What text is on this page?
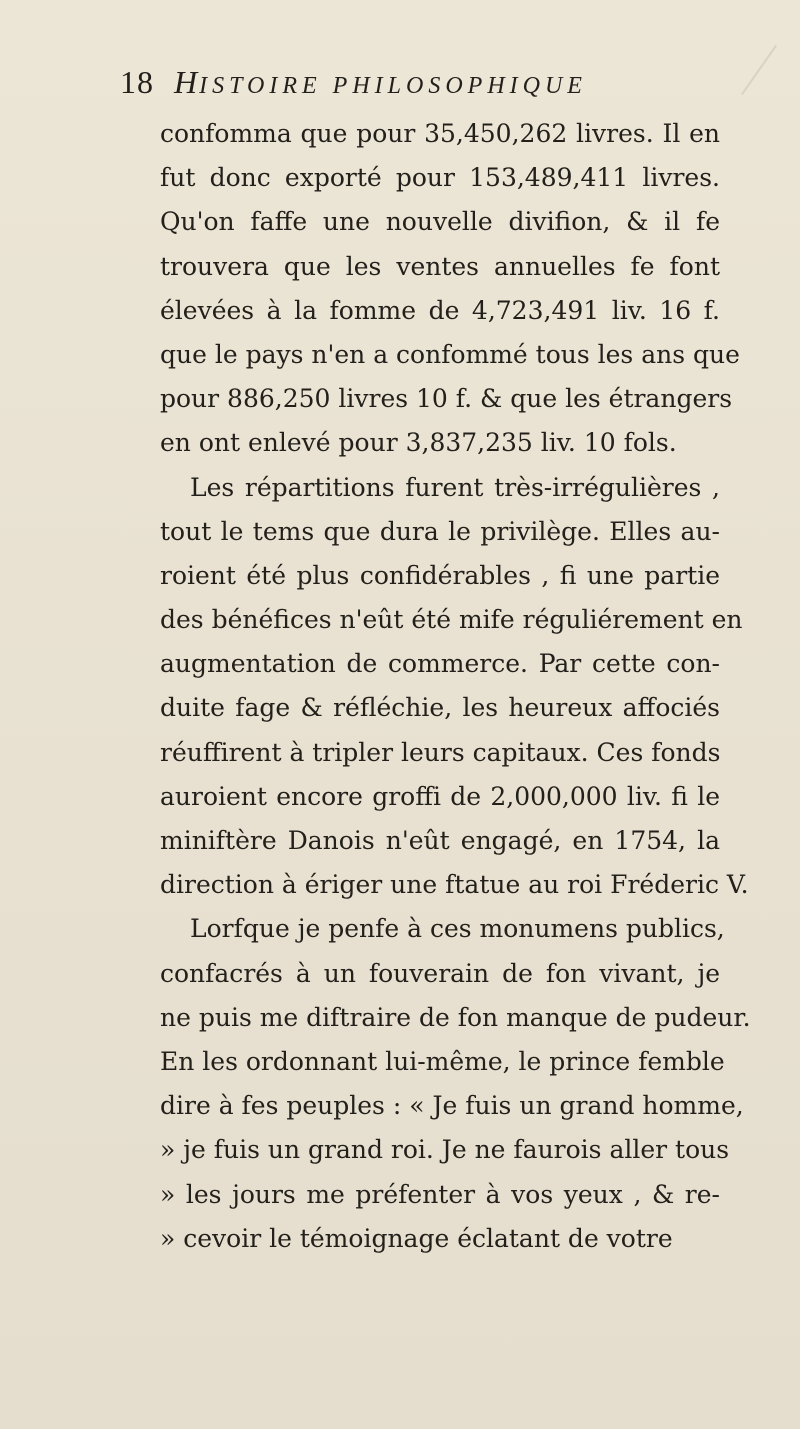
18 HISTOIRE PHILOSOPHIQUE
confomma que pour 35,450,262 livres. Il en
fut donc exporté pour 153,489,411 livres.
Qu'on faffe une nouvelle divifion, & il fe
trouvera que les ventes annuelles fe font
élevées à la fomme de 4,723,491 liv. 16 f.
que le pays n'en a confommé tous les ans que
pour 886,250 livres 10 f. & que les étrangers
en ont enlevé pour 3,837,235 liv. 10 fols.
Les répartitions furent très-irrégulières ,
tout le tems que dura le privilège. Elles au-
roient été plus confidérables , fi une partie
des bénéfices n'eût été mife réguliérement en
augmentation de commerce. Par cette con-
duite fage & réfléchie, les heureux affociés
réuffirent à tripler leurs capitaux. Ces fonds
auroient encore groffi de 2,000,000 liv. fi le
miniftère Danois n'eût engagé, en 1754, la
direction à ériger une ftatue au roi Fréderic V.
Lorfque je penfe à ces monumens publics,
confacrés à un fouverain de fon vivant, je
ne puis me diftraire de fon manque de pudeur.
En les ordonnant lui-même, le prince femble
dire à fes peuples : « Je fuis un grand homme,
» je fuis un grand roi. Je ne faurois aller tous
» les jours me préfenter à vos yeux , & re-
» cevoir le témoignage éclatant de votre
